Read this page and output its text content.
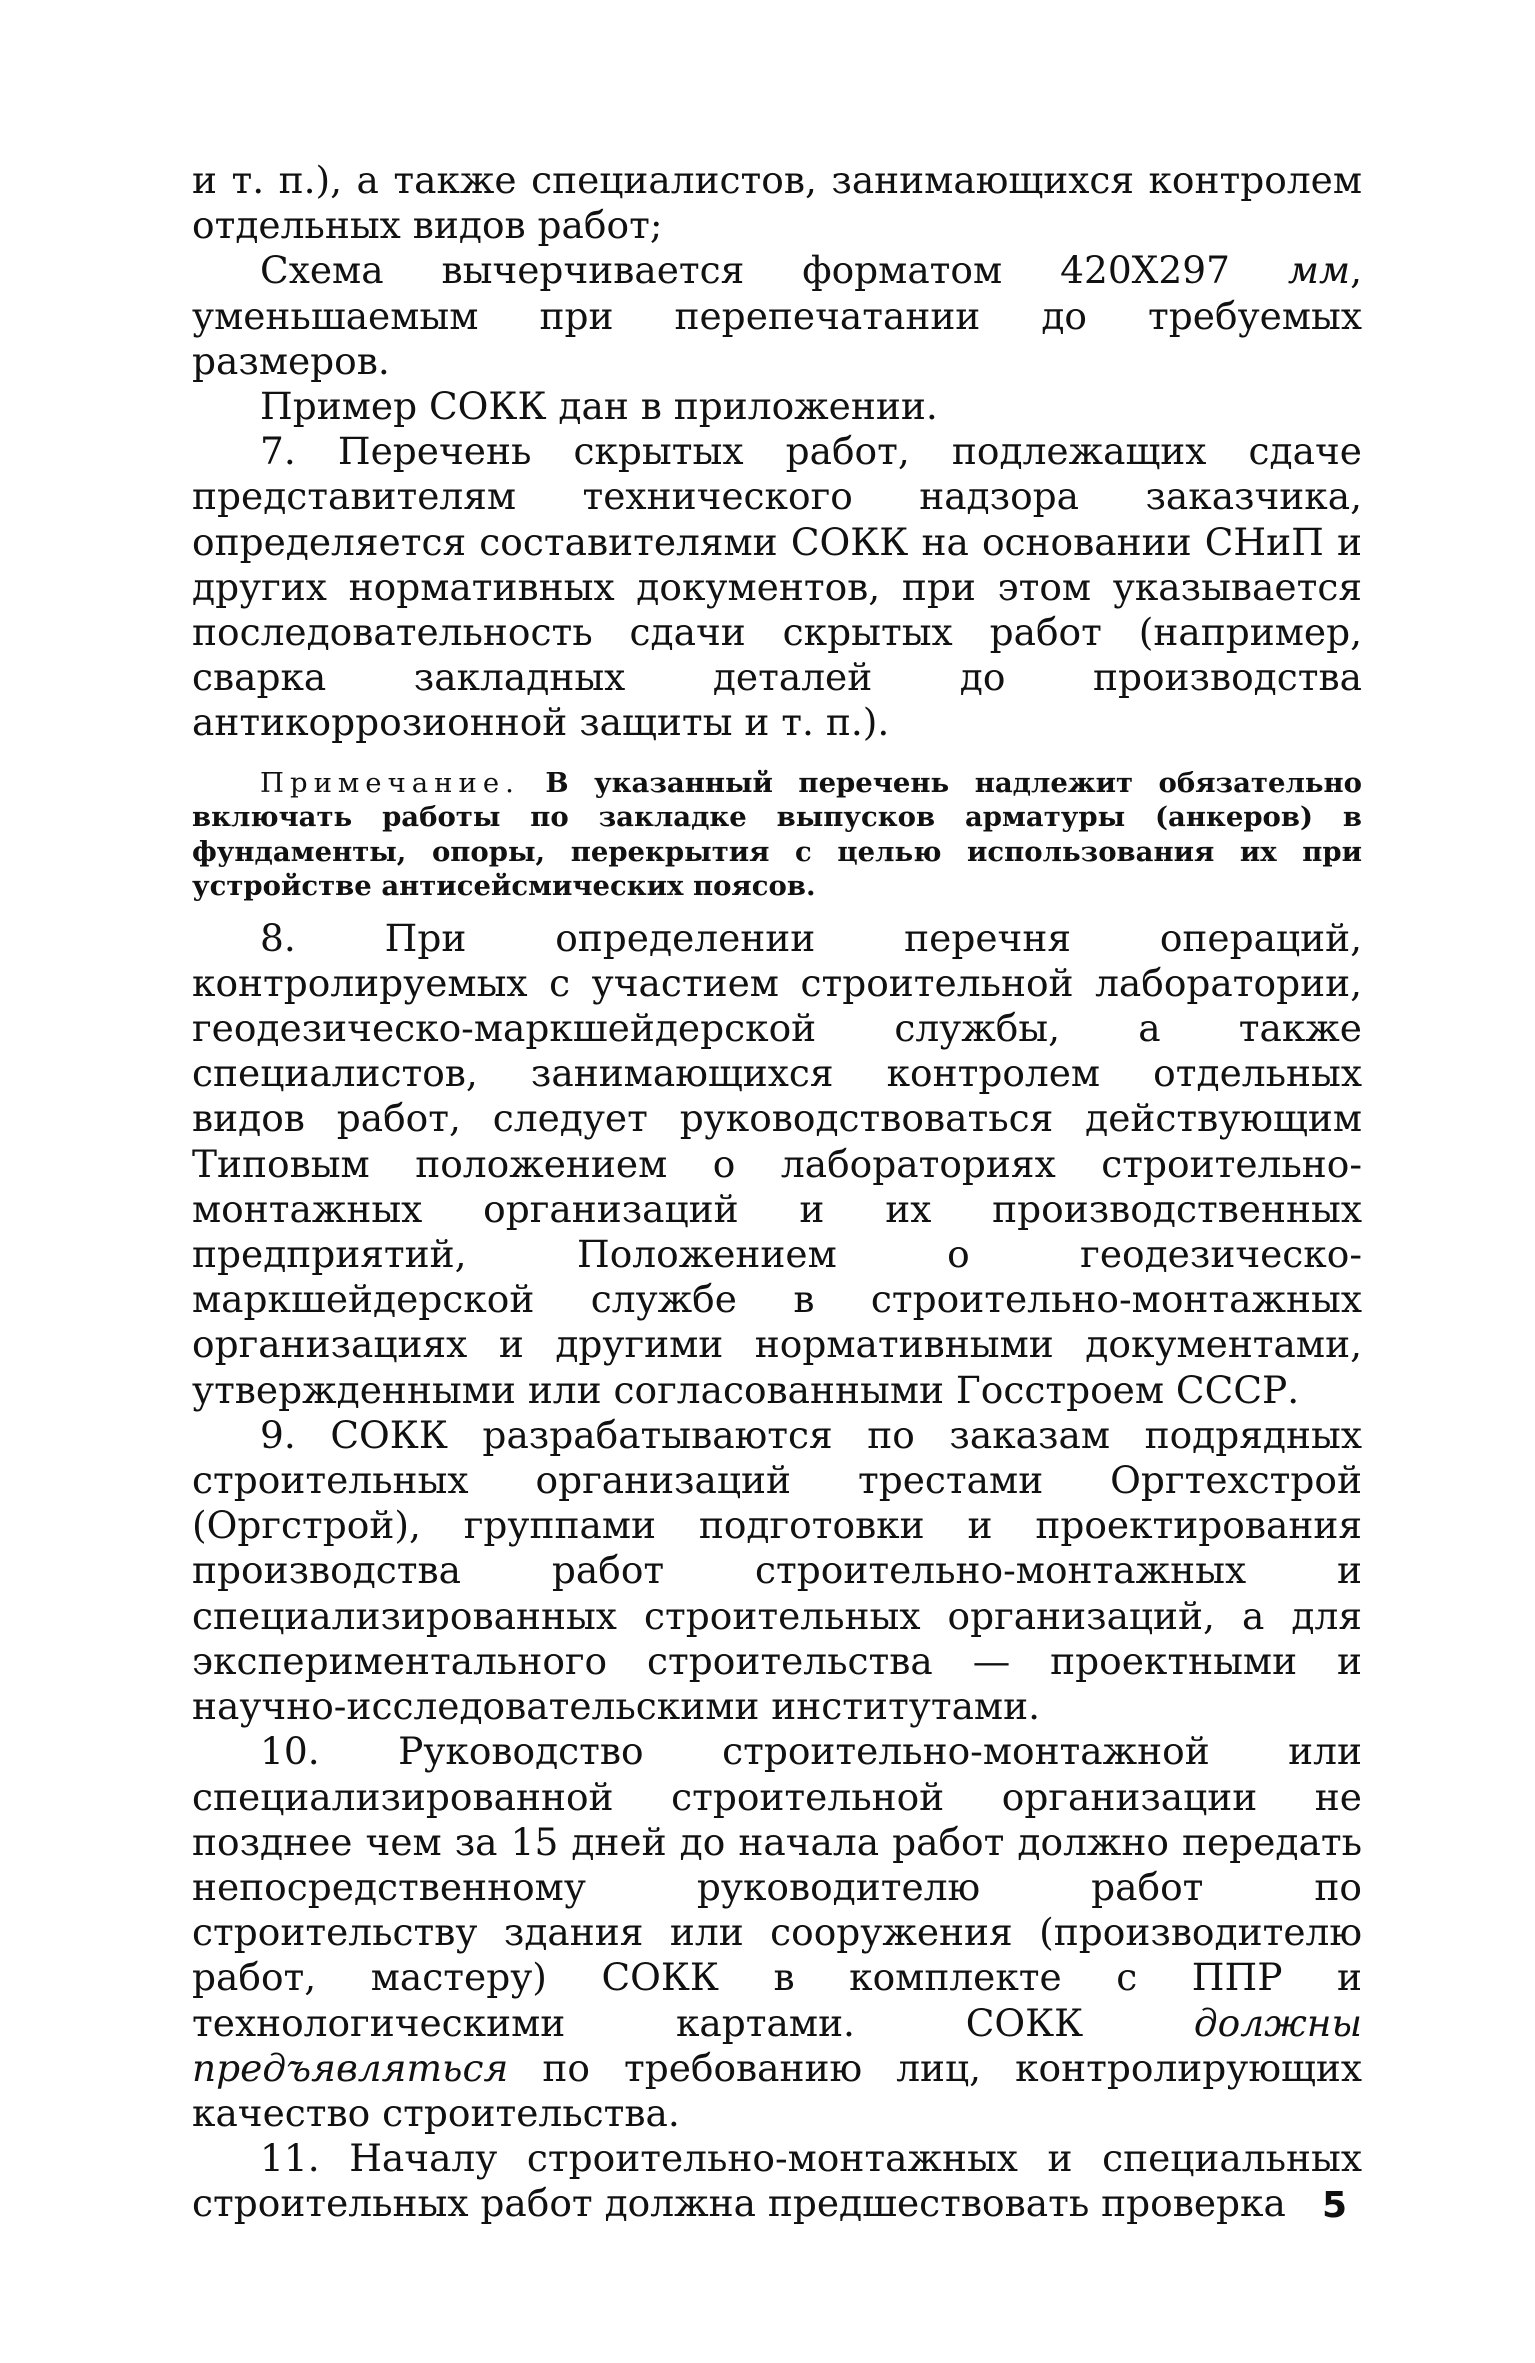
и т. п.), а также специалистов, занимающихся контролем отдельных видов работ;

Схема вычерчивается форматом 420X297 мм, уменьшаемым при перепечатании до требуемых размеров.

Пример СОКК дан в приложении.

7. Перечень скрытых работ, подлежащих сдаче представителям технического надзора заказчика, определяется составителями СОКК на основании СНиП и других нормативных документов, при этом указывается последовательность сдачи скрытых работ (например, сварка закладных деталей до производства антикоррозионной защиты и т. п.).

Примечание. В указанный перечень надлежит обязательно включать работы по закладке выпусков арматуры (анкеров) в фундаменты, опоры, перекрытия с целью использования их при устройстве антисейсмических поясов.

8. При определении перечня операций, контролируемых с участием строительной лаборатории, геодезическо-маркшейдерской службы, а также специалистов, занимающихся контролем отдельных видов работ, следует руководствоваться действующим Типовым положением о лабораториях строительно-монтажных организаций и их производственных предприятий, Положением о геодезическо-маркшейдерской службе в строительно-монтажных организациях и другими нормативными документами, утвержденными или согласованными Госстроем СССР.

9. СОКК разрабатываются по заказам подрядных строительных организаций трестами Оргтехстрой (Оргстрой), группами подготовки и проектирования производства работ строительно-монтажных и специализированных строительных организаций, а для экспериментального строительства — проектными и научно-исследовательскими институтами.

10. Руководство строительно-монтажной или специализированной строительной организации не позднее чем за 15 дней до начала работ должно передать непосредственному руководителю работ по строительству здания или сооружения (производителю работ, мастеру) СОКК в комплекте с ППР и технологическими картами. СОКК должны предъявляться по требованию лиц, контролирующих качество строительства.

11. Началу строительно-монтажных и специальных строительных работ должна предшествовать проверка	5
